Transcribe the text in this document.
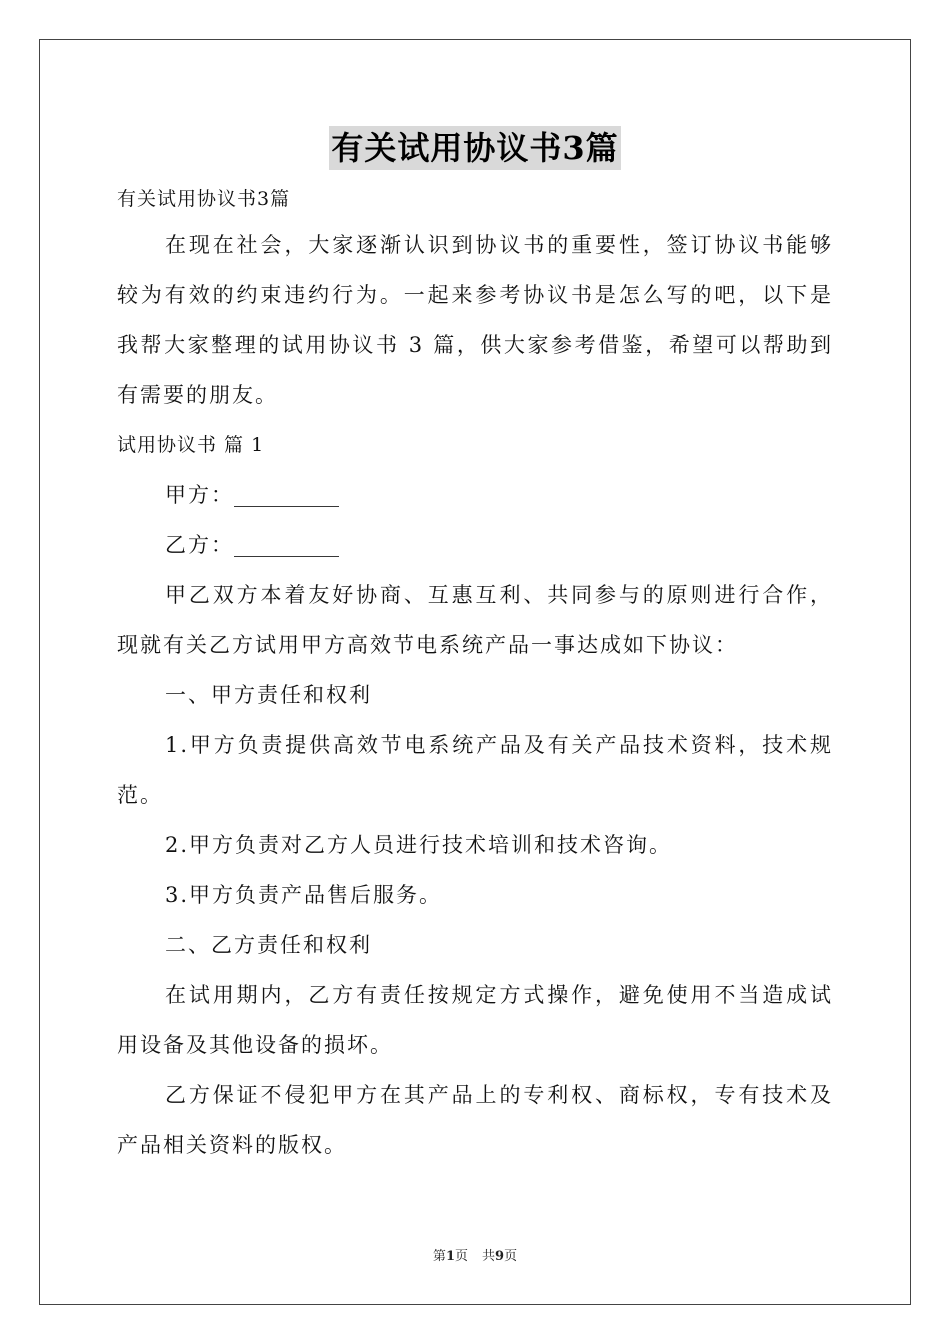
有关试用协议书3篇
有关试用协议书3篇
在现在社会，大家逐渐认识到协议书的重要性，签订协议书能够
较为有效的约束违约行为。一起来参考协议书是怎么写的吧，以下是
我帮大家整理的试用协议书 3 篇，供大家参考借鉴，希望可以帮助到
有需要的朋友。
试用协议书 篇 1
甲方：__________
乙方：__________
甲乙双方本着友好协商、互惠互利、共同参与的原则进行合作，
现就有关乙方试用甲方高效节电系统产品一事达成如下协议：
一、甲方责任和权利
1.甲方负责提供高效节电系统产品及有关产品技术资料，技术规
范。
2.甲方负责对乙方人员进行技术培训和技术咨询。
3.甲方负责产品售后服务。
二、乙方责任和权利
在试用期内，乙方有责任按规定方式操作，避免使用不当造成试
用设备及其他设备的损坏。
乙方保证不侵犯甲方在其产品上的专利权、商标权，专有技术及
产品相关资料的版权。
第1页 共9页
